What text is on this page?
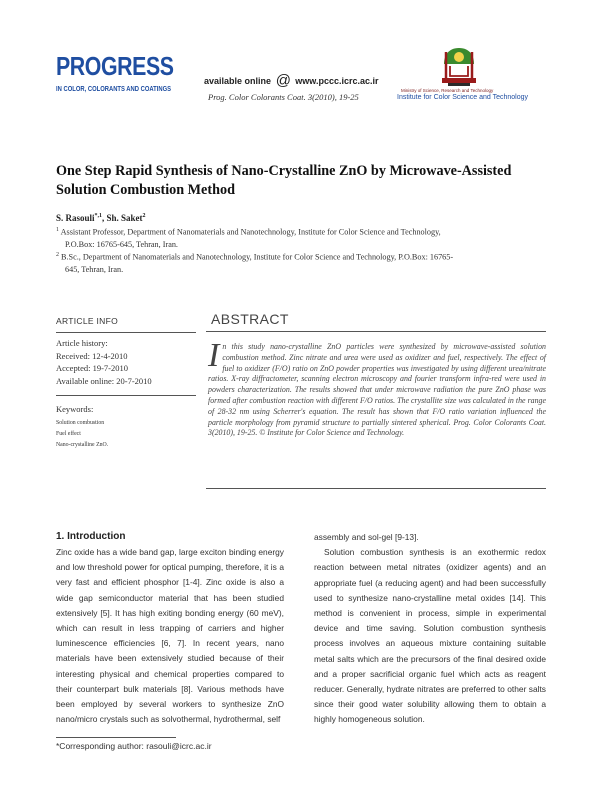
PROGRESS
IN COLOR, COLORANTS AND COATINGS
available online @ www.pccc.icrc.ac.ir
Prog. Color Colorants Coat. 3(2010), 19-25
Ministry of Science, Research and Technology
Institute for Color Science and Technology
One Step Rapid Synthesis of Nano-Crystalline ZnO by Microwave-Assisted Solution Combustion Method
S. Rasouli$^{*,1}$, Sh. Saket$^2$
$^1$ Assistant Professor, Department of Nanomaterials and Nanotechnology, Institute for Color Science and Technology,
P.O.Box: 16765-645, Tehran, Iran.
$^2$ B.Sc., Department of Nanomaterials and Nanotechnology, Institute for Color Science and Technology, P.O.Box: 16765-
645, Tehran, Iran.
ARTICLE INFO
Article history:
Received: 12-4-2010
Accepted: 19-7-2010
Available online: 20-7-2010
Keywords:
Solution combustion
Fuel effect
Nano-crystalline ZnO.
ABSTRACT
In this study nano-crystalline ZnO particles were synthesized by microwave-assisted solution combustion method. Zinc nitrate and urea were used as oxidizer and fuel, respectively. The effect of fuel to oxidizer (F/O) ratio on ZnO powder properties was investigated by using different urea/nitrate ratios. X-ray diffractometer, scanning electron microscopy and fourier transform infra-red were used in powders characterization. The results showed that under microwave radiation the pure ZnO phase was formed after combustion reaction with different F/O ratios. The crystallite size was calculated in the range of 28-32 nm using Scherrer's equation. The result has shown that F/O ratio variation influenced the particle morphology from pyramid structure to partially sintered spherical. Prog. Color Colorants Coat. 3(2010), 19-25. © Institute for Color Science and Technology.
1. Introduction
Zinc oxide has a wide band gap, large exciton binding energy and low threshold power for optical pumping, therefore, it is a very fast and efficient phosphor [1-4]. Zinc oxide is also a wide gap semiconductor material that has been studied extensively [5]. It has high exiting bonding energy (60 meV), which can result in less trapping of carriers and higher luminescence efficiencies [6, 7]. In recent years, nano materials have been extensively studied because of their interesting physical and chemical properties compared to their counterpart bulk materials [8]. Various methods have been employed by several workers to synthesize ZnO nano/micro crystals such as solvothermal, hydrothermal, self
assembly and sol-gel [9-13].
Solution combustion synthesis is an exothermic redox reaction between metal nitrates (oxidizer agents) and an appropriate fuel (a reducing agent) and had been successfully used to synthesize nano-crystalline metal oxides [14]. This method is convenient in process, simple in experimental device and time saving. Solution combustion synthesis process involves an aqueous mixture containing suitable metal salts which are the precursors of the final desired oxide and a proper sacrificial organic fuel which acts as reagent reducer. Generally, hydrate nitrates are preferred to other salts since their good water solubility allowing them to obtain a highly homogeneous solution.
*Corresponding author: rasouli@icrc.ac.ir
